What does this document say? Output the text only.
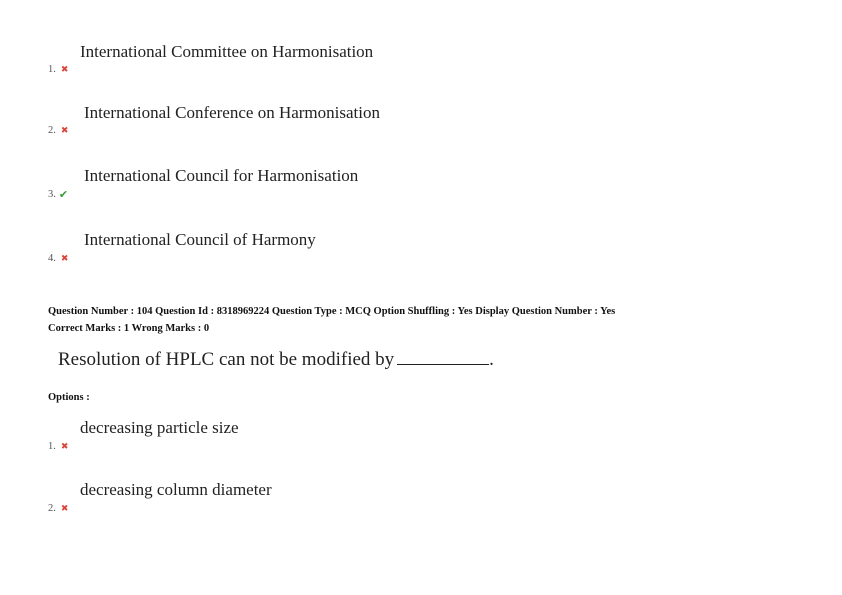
International Committee on Harmonisation
1. ✖
International Conference on Harmonisation
2. ✖
International Council for Harmonisation
3. ✔
International Council of Harmony
4. ✖
Question Number : 104 Question Id : 8318969224 Question Type : MCQ Option Shuffling : Yes Display Question Number : Yes
Correct Marks : 1 Wrong Marks : 0
Resolution of HPLC can not be modified by	.
Options :
decreasing particle size
1. ✖
decreasing column diameter
2. ✖
